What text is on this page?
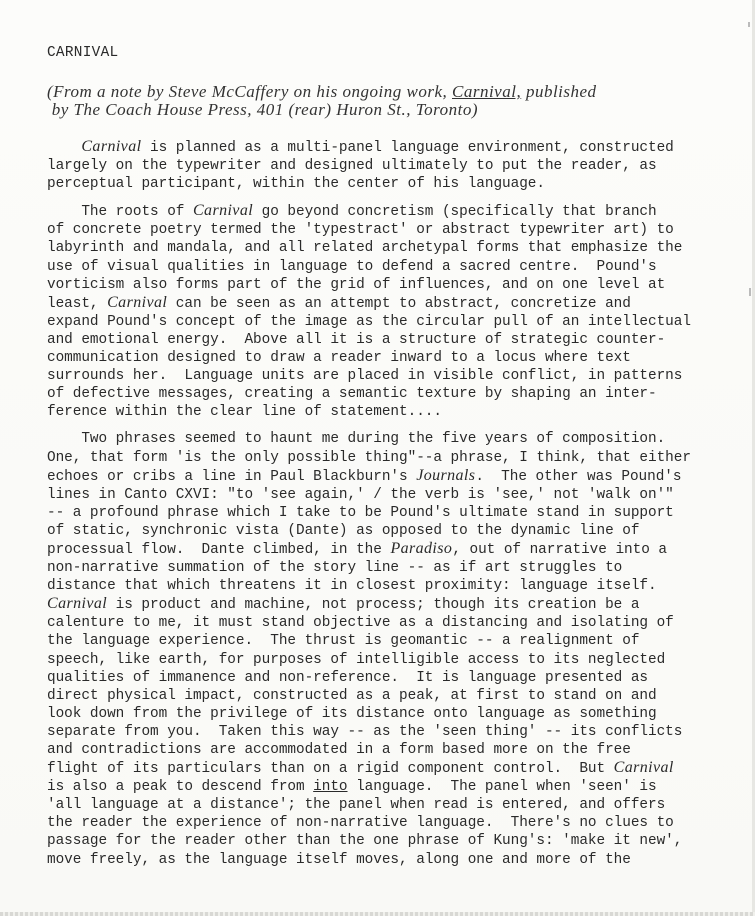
CARNIVAL
(From a note by Steve McCaffery on his ongoing work, Carnival, published
by The Coach House Press, 401 (rear) Huron St., Toronto)
Carnival is planned as a multi-panel language environment, constructed
largely on the typewriter and designed ultimately to put the reader, as
perceptual participant, within the center of his language.
The roots of Carnival go beyond concretism (specifically that branch
of concrete poetry termed the 'typestract' or abstract typewriter art) to
labyrinth and mandala, and all related archetypal forms that emphasize the
use of visual qualities in language to defend a sacred centre.  Pound's
vorticism also forms part of the grid of influences, and on one level at
least, Carnival can be seen as an attempt to abstract, concretize and
expand Pound's concept of the image as the circular pull of an intellectual
and emotional energy.  Above all it is a structure of strategic counter-
communication designed to draw a reader inward to a locus where text
surrounds her.  Language units are placed in visible conflict, in patterns
of defective messages, creating a semantic texture by shaping an inter-
ference within the clear line of statement....
Two phrases seemed to haunt me during the five years of composition.
One, that form 'is the only possible thing"--a phrase, I think, that either
echoes or cribs a line in Paul Blackburn's Journals.  The other was Pound's
lines in Canto CXVI: "to 'see again,' / the verb is 'see,' not 'walk on'"
-- a profound phrase which I take to be Pound's ultimate stand in support
of static, synchronic vista (Dante) as opposed to the dynamic line of
processual flow.  Dante climbed, in the Paradiso, out of narrative into a
non-narrative summation of the story line -- as if art struggles to
distance that which threatens it in closest proximity: language itself.
Carnival is product and machine, not process; though its creation be a
calenture to me, it must stand objective as a distancing and isolating of
the language experience.  The thrust is geomantic -- a realignment of
speech, like earth, for purposes of intelligible access to its neglected
qualities of immanence and non-reference.  It is language presented as
direct physical impact, constructed as a peak, at first to stand on and
look down from the privilege of its distance onto language as something
separate from you.  Taken this way -- as the 'seen thing' -- its conflicts
and contradictions are accommodated in a form based more on the free
flight of its particulars than on a rigid component control.  But Carnival
is also a peak to descend from into language.  The panel when 'seen' is
'all language at a distance'; the panel when read is entered, and offers
the reader the experience of non-narrative language.  There's no clues to
passage for the reader other than the one phrase of Kung's: 'make it new',
move freely, as the language itself moves, along one and more of the
